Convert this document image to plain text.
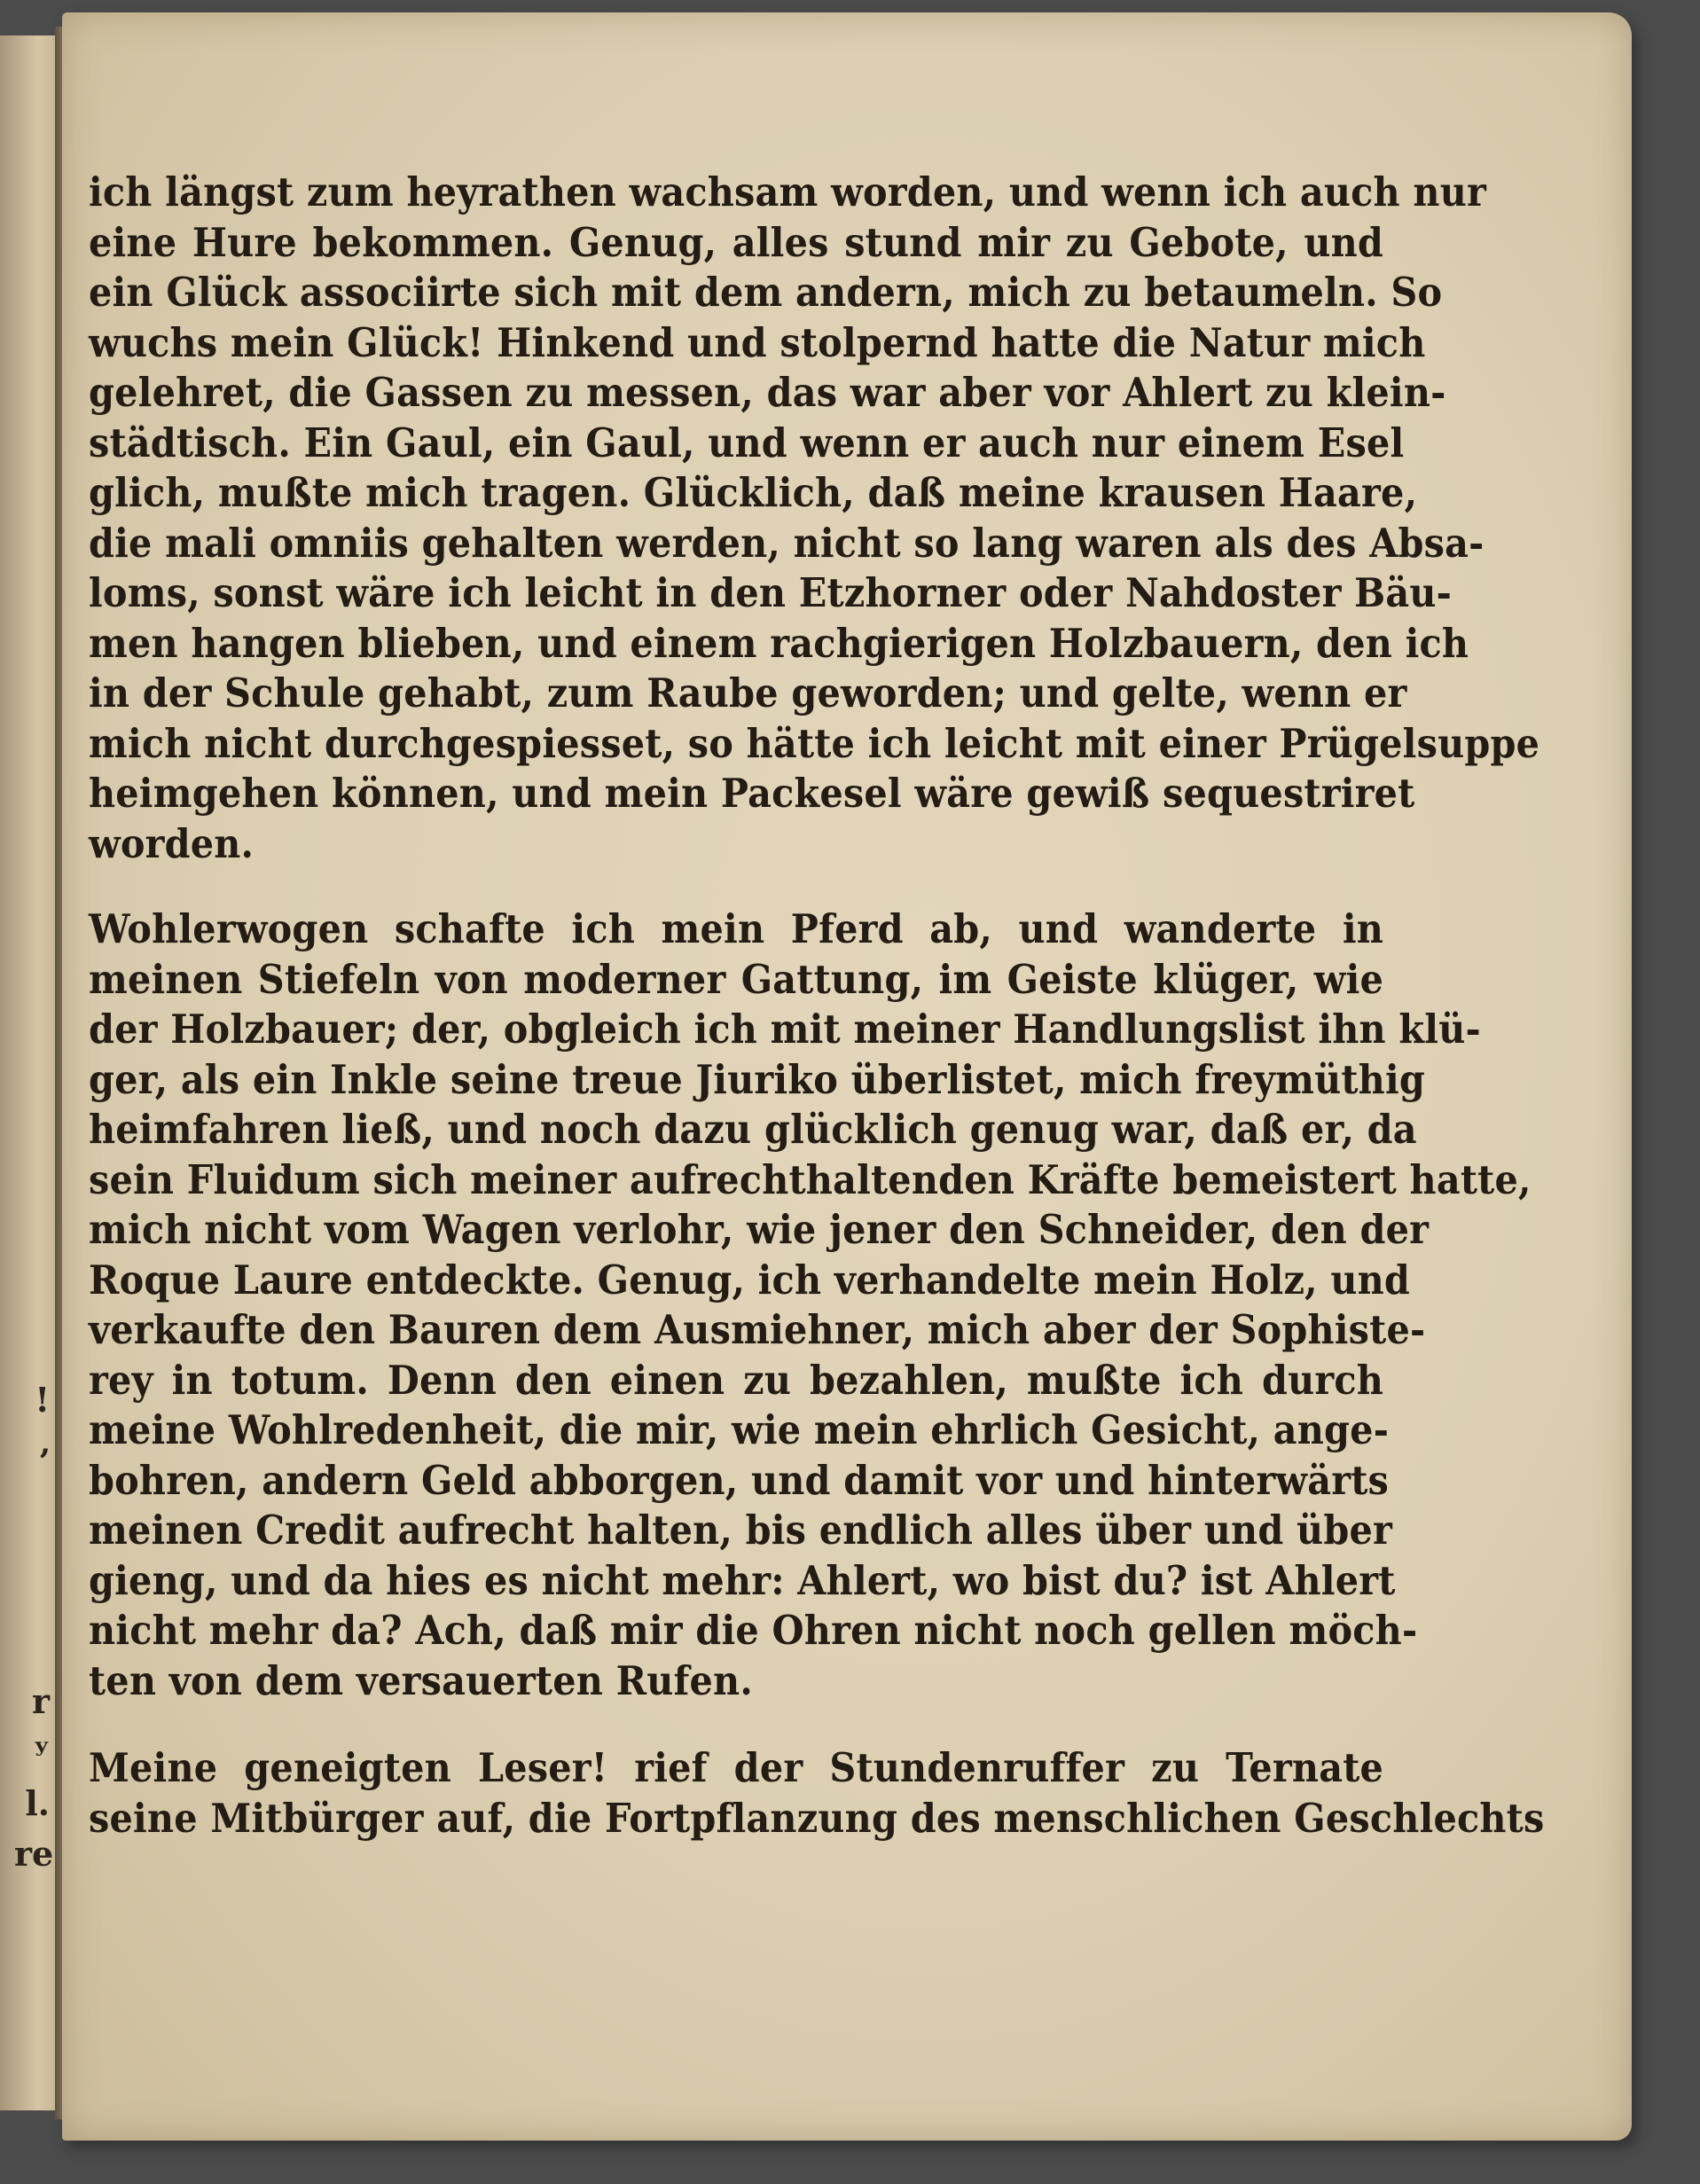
!
ʼ
r
ʸ
l.
re
ich längst zum heyrathen wachsam worden, und wenn ich auch nur
eine Hure bekommen. Genug, alles stund mir zu Gebote, und
ein Glück associirte sich mit dem andern, mich zu betaumeln. So
wuchs mein Glück! Hinkend und stolpernd hatte die Natur mich
gelehret, die Gassen zu messen, das war aber vor Ahlert zu klein-
städtisch. Ein Gaul, ein Gaul, und wenn er auch nur einem Esel
glich, mußte mich tragen. Glücklich, daß meine krausen Haare,
die mali omniis gehalten werden, nicht so lang waren als des Absa-
loms, sonst wäre ich leicht in den Etzhorner oder Nahdoster Bäu-
men hangen blieben, und einem rachgierigen Holzbauern, den ich
in der Schule gehabt, zum Raube geworden; und gelte, wenn er
mich nicht durchgespiesset, so hätte ich leicht mit einer Prügelsuppe
heimgehen können, und mein Packesel wäre gewiß sequestriret
worden.
Wohlerwogen schafte ich mein Pferd ab, und wanderte in
meinen Stiefeln von moderner Gattung, im Geiste klüger, wie
der Holzbauer; der, obgleich ich mit meiner Handlungslist ihn klü-
ger, als ein Inkle seine treue Jiuriko überlistet, mich freymüthig
heimfahren ließ, und noch dazu glücklich genug war, daß er, da
sein Fluidum sich meiner aufrechthaltenden Kräfte bemeistert hatte,
mich nicht vom Wagen verlohr, wie jener den Schneider, den der
Roque Laure entdeckte. Genug, ich verhandelte mein Holz, und
verkaufte den Bauren dem Ausmiehner, mich aber der Sophiste-
rey in totum. Denn den einen zu bezahlen, mußte ich durch
meine Wohlredenheit, die mir, wie mein ehrlich Gesicht, ange-
bohren, andern Geld abborgen, und damit vor und hinterwärts
meinen Credit aufrecht halten, bis endlich alles über und über
gieng, und da hies es nicht mehr: Ahlert, wo bist du? ist Ahlert
nicht mehr da? Ach, daß mir die Ohren nicht noch gellen möch-
ten von dem versauerten Rufen.
Meine geneigten Leser! rief der Stundenruffer zu Ternate
seine Mitbürger auf, die Fortpflanzung des menschlichen Geschlechts
